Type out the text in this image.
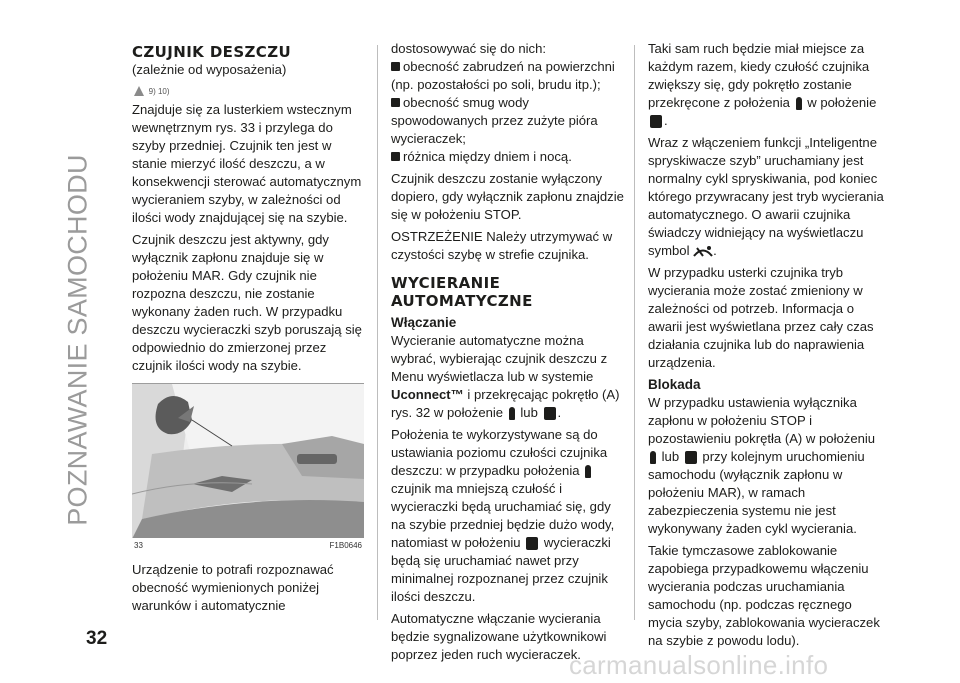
POZNAWANIE SAMOCHODU
CZUJNIK DESZCZU

(zależnie od wyposażenia)

9) 10)

Znajduje się za lusterkiem wstecznym wewnętrznym rys. 33 i przylega do szyby przedniej. Czujnik ten jest w stanie mierzyć ilość deszczu, a w konsekwencji sterować automatycznym wycieraniem szyby, w zależności od ilości wody znajdującej się na szybie.

Czujnik deszczu jest aktywny, gdy wyłącznik zapłonu znajduje się w położeniu MAR. Gdy czujnik nie rozpozna deszczu, nie zostanie wykonany żaden ruch. W przypadku deszczu wycieraczki szyb poruszają się odpowiednio do zmierzonej przez czujnik ilości wody na szybie.

33	F1B0646

Urządzenie to potrafi rozpoznawać obecność wymienionych poniżej warunków i automatycznie

dostosowywać się do nich:

obecność zabrudzeń na powierzchni (np. pozostałości po soli, brudu itp.);

obecność smug wody spowodowanych przez zużyte pióra wycieraczek;

różnica między dniem i nocą.

Czujnik deszczu zostanie wyłączony dopiero, gdy wyłącznik zapłonu znajdzie się w położeniu STOP.

OSTRZEŻENIE Należy utrzymywać w czystości szybę w strefie czujnika.

WYCIERANIE
AUTOMATYCZNE
Włączanie

Wycieranie automatyczne można wybrać, wybierając czujnik deszczu z Menu wyświetlacza lub w systemie Uconnect™ i przekręcając pokrętło (A) rys. 32 w położenie lub .

Położenia te wykorzystywane są do ustawiania poziomu czułości czujnika deszczu: w przypadku położenia  czujnik ma mniejszą czułość i wycieraczki będą uruchamiać się, gdy na szybie przedniej będzie dużo wody, natomiast w położeniu wycieraczki będą się uruchamiać nawet przy minimalnej rozpoznanej przez czujnik ilości deszczu.

Automatyczne włączanie wycierania będzie sygnalizowane użytkownikowi poprzez jeden ruch wycieraczek.

Taki sam ruch będzie miał miejsce za każdym razem, kiedy czułość czujnika zwiększy się, gdy pokrętło zostanie przekręcone z położenia w położenie .

Wraz z włączeniem funkcji „Inteligentne spryskiwacze szyb” uruchamiany jest normalny cykl spryskiwania, pod koniec którego przywracany jest tryb wycierania automatycznego. O awarii czujnika świadczy widniejący na wyświetlaczu symbol .

W przypadku usterki czujnika tryb wycierania może zostać zmieniony w zależności od potrzeb. Informacja o awarii jest wyświetlana przez cały czas działania czujnika lub do naprawienia urządzenia.

Blokada

W przypadku ustawienia wyłącznika zapłonu w położeniu STOP i pozostawieniu pokrętła (A) w położeniu  lub przy kolejnym uruchomieniu samochodu (wyłącznik zapłonu w położeniu MAR), w ramach zabezpieczenia systemu nie jest wykonywany żaden cykl wycierania.

Takie tymczasowe zablokowanie zapobiega przypadkowemu włączeniu wycierania podczas uruchamiania samochodu (np. podczas ręcznego mycia szyby, zablokowania wycieraczek na szybie z powodu lodu).

32
carmanualsonline.info
